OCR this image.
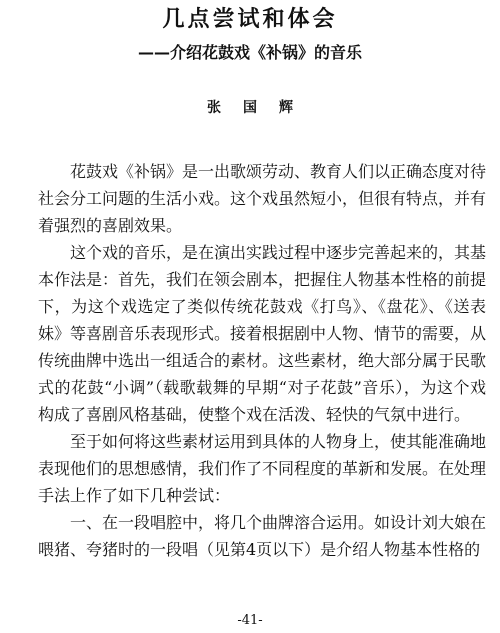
几点尝试和体会
——介绍花鼓戏《补锅》的音乐
张国辉

花鼓戏《补锅》是一出歌颂劳动、教育人们以正确态度对待社会分工问题的生活小戏。这个戏虽然短小，但很有特点，并有着强烈的喜剧效果。

这个戏的音乐，是在演出实践过程中逐步完善起来的，其基本作法是：首先，我们在领会剧本，把握住人物基本性格的前提下，为这个戏选定了类似传统花鼓戏《打鸟》、《盘花》、《送表妹》等喜剧音乐表现形式。接着根据剧中人物、情节的需要，从传统曲牌中选出一组适合的素材。这些素材，绝大部分属于民歌式的花鼓“小调”（载歌载舞的早期“对子花鼓”音乐），为这个戏构成了喜剧风格基础，使整个戏在活泼、轻快的气氛中进行。

至于如何将这些素材运用到具体的人物身上，使其能准确地表现他们的思想感情，我们作了不同程度的革新和发展。在处理手法上作了如下几种尝试：

一、在一段唱腔中，将几个曲牌溶合运用。如设计刘大娘在喂猪、夸猪时的一段唱（见第4页以下）是介绍人物基本性格的

-41-
